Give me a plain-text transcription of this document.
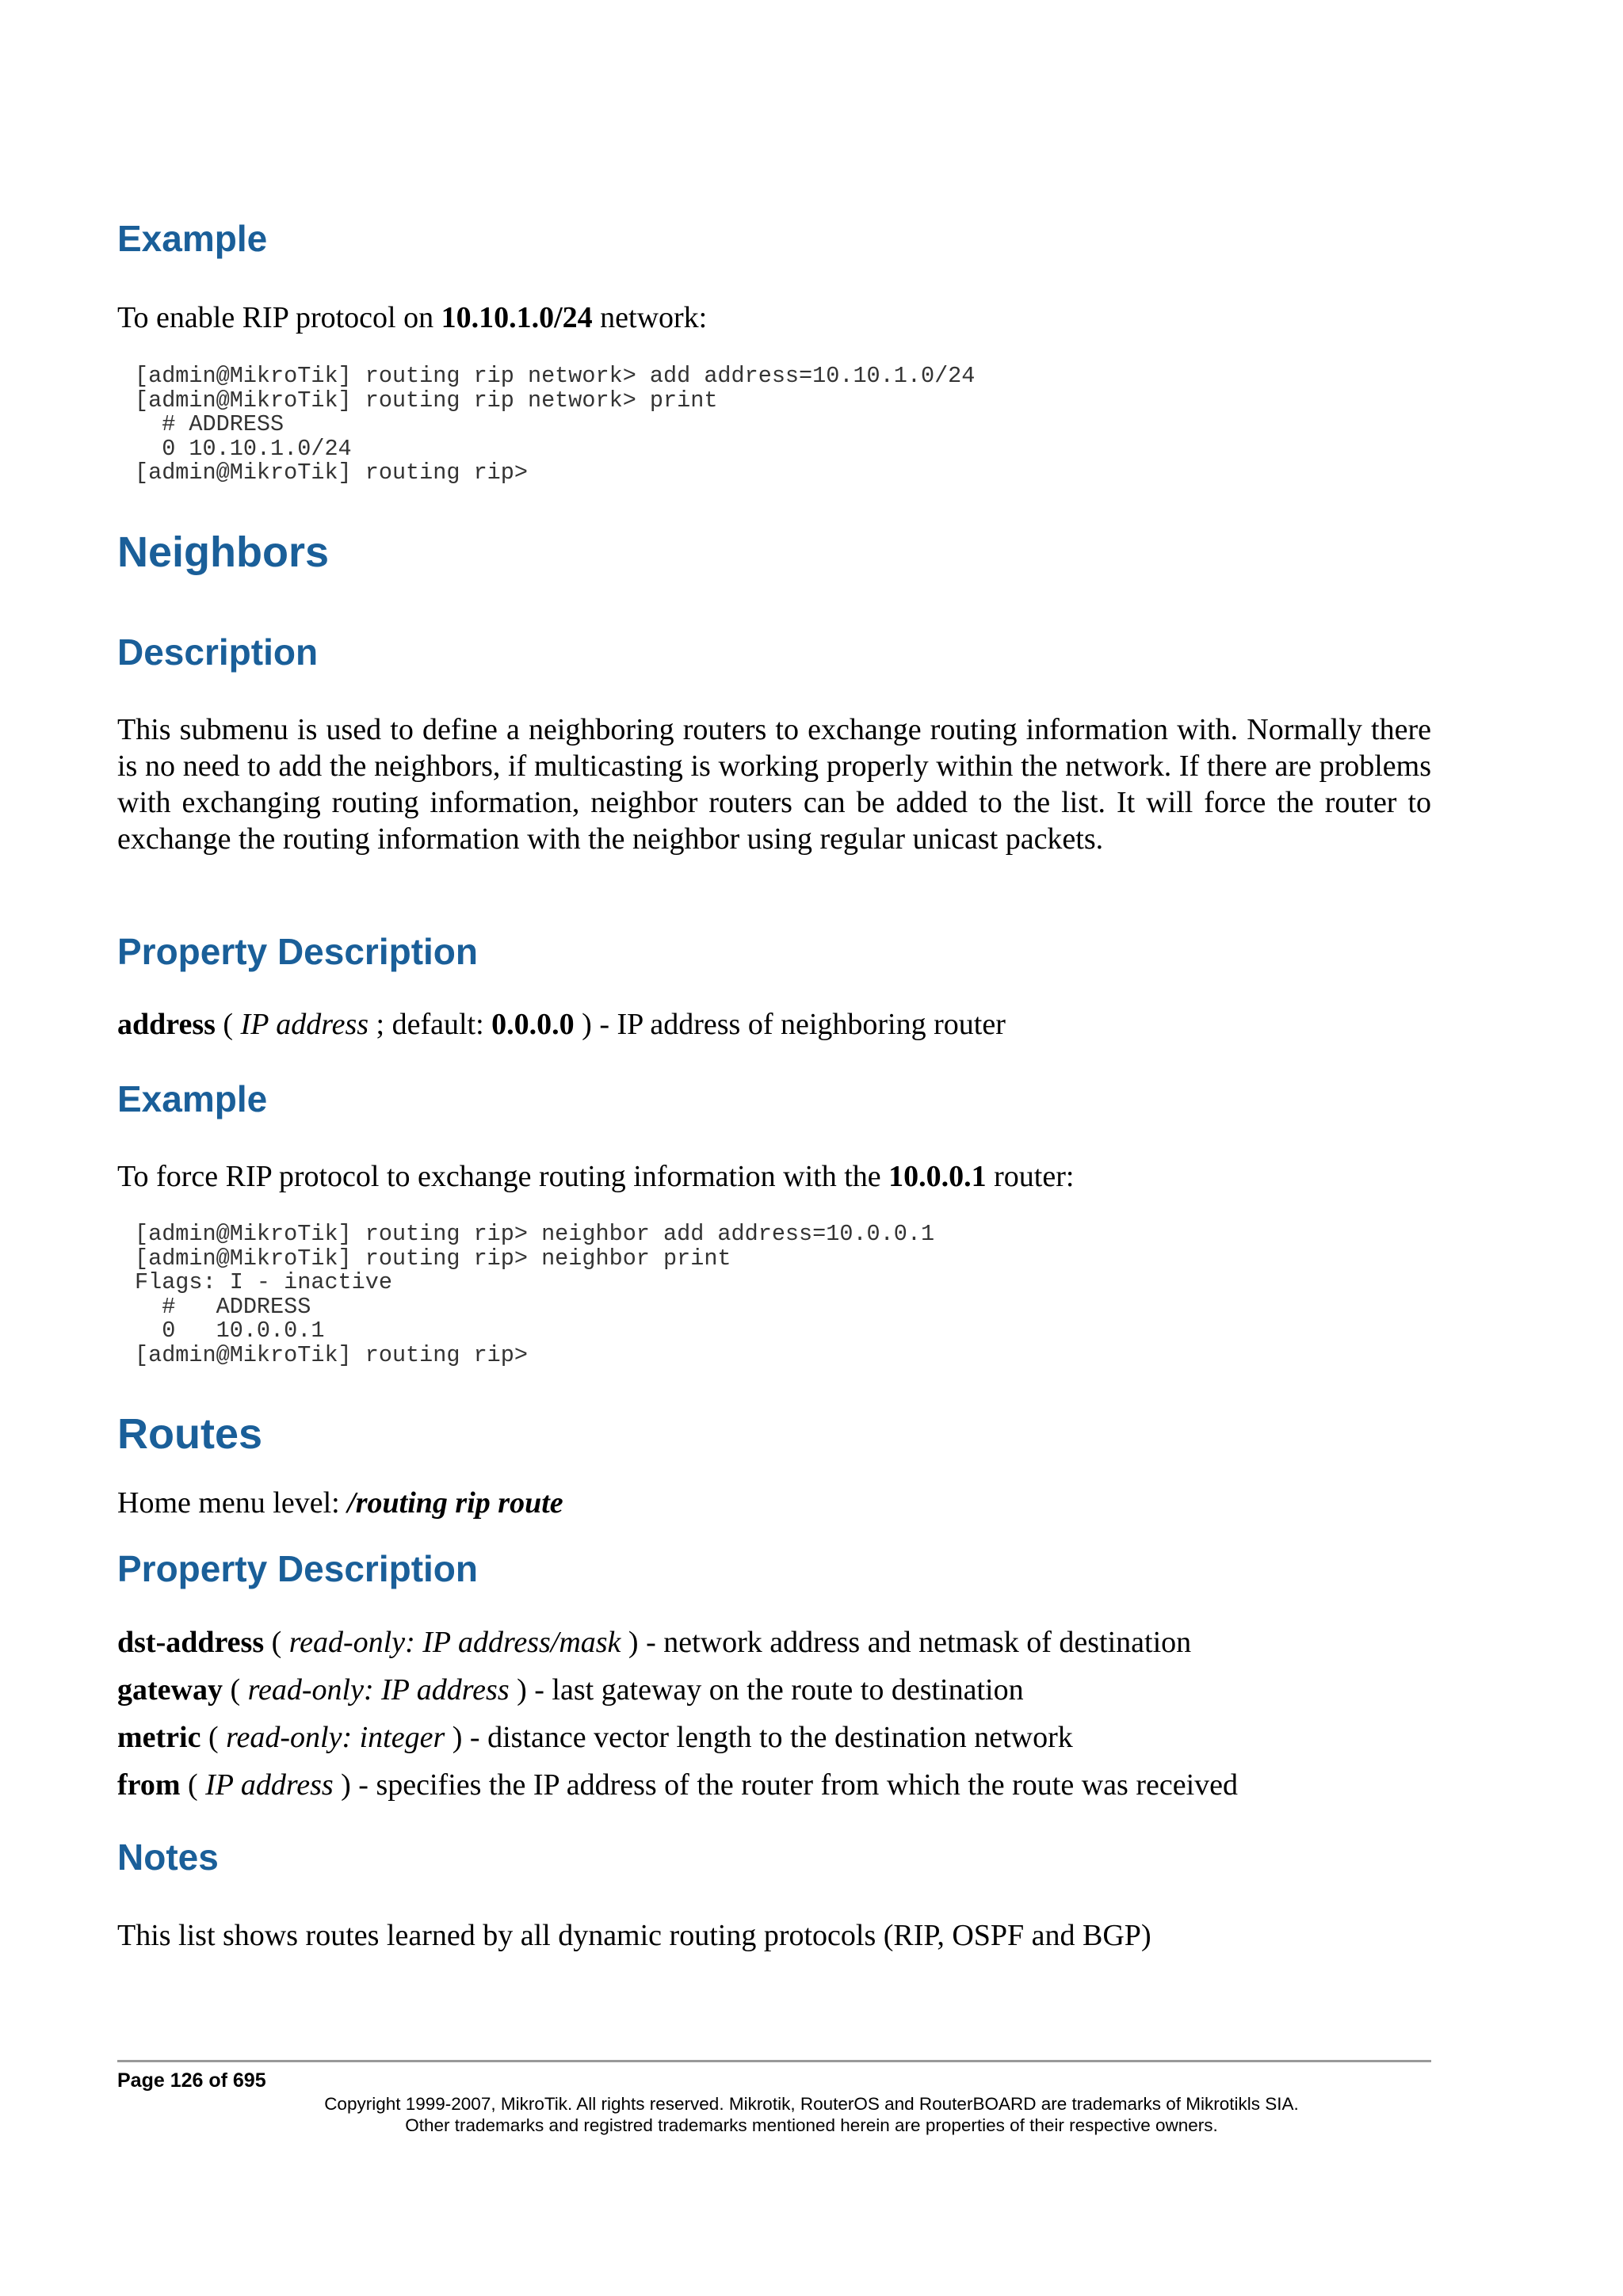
Example

To enable RIP protocol on 10.10.1.0/24 network:

[admin@MikroTik] routing rip network> add address=10.10.1.0/24
[admin@MikroTik] routing rip network> print
# ADDRESS
0 10.10.1.0/24
[admin@MikroTik] routing rip>
Neighbors
Description

This submenu is used to define a neighboring routers to exchange routing information with. Normally there is no need to add the neighbors, if multicasting is working properly within the network. If there are problems with exchanging routing information, neighbor routers can be added to the list. It will force the router to exchange the routing information with the neighbor using regular unicast packets.

Property Description

address ( IP address ; default: 0.0.0.0 ) - IP address of neighboring router

Example

To force RIP protocol to exchange routing information with the 10.0.0.1 router:

[admin@MikroTik] routing rip> neighbor add address=10.0.0.1
[admin@MikroTik] routing rip> neighbor print
Flags: I - inactive
#   ADDRESS
0   10.0.0.1
[admin@MikroTik] routing rip>
Routes

Home menu level: /routing rip route

Property Description

dst-address ( read-only: IP address/mask ) - network address and netmask of destination

gateway ( read-only: IP address ) - last gateway on the route to destination

metric ( read-only: integer ) - distance vector length to the destination network

from ( IP address ) - specifies the IP address of the router from which the route was received

Notes

This list shows routes learned by all dynamic routing protocols (RIP, OSPF and BGP)

Page 126 of 695
Copyright 1999-2007, MikroTik. All rights reserved. Mikrotik, RouterOS and RouterBOARD are trademarks of Mikrotikls SIA.
Other trademarks and registred trademarks mentioned herein are properties of their respective owners.
